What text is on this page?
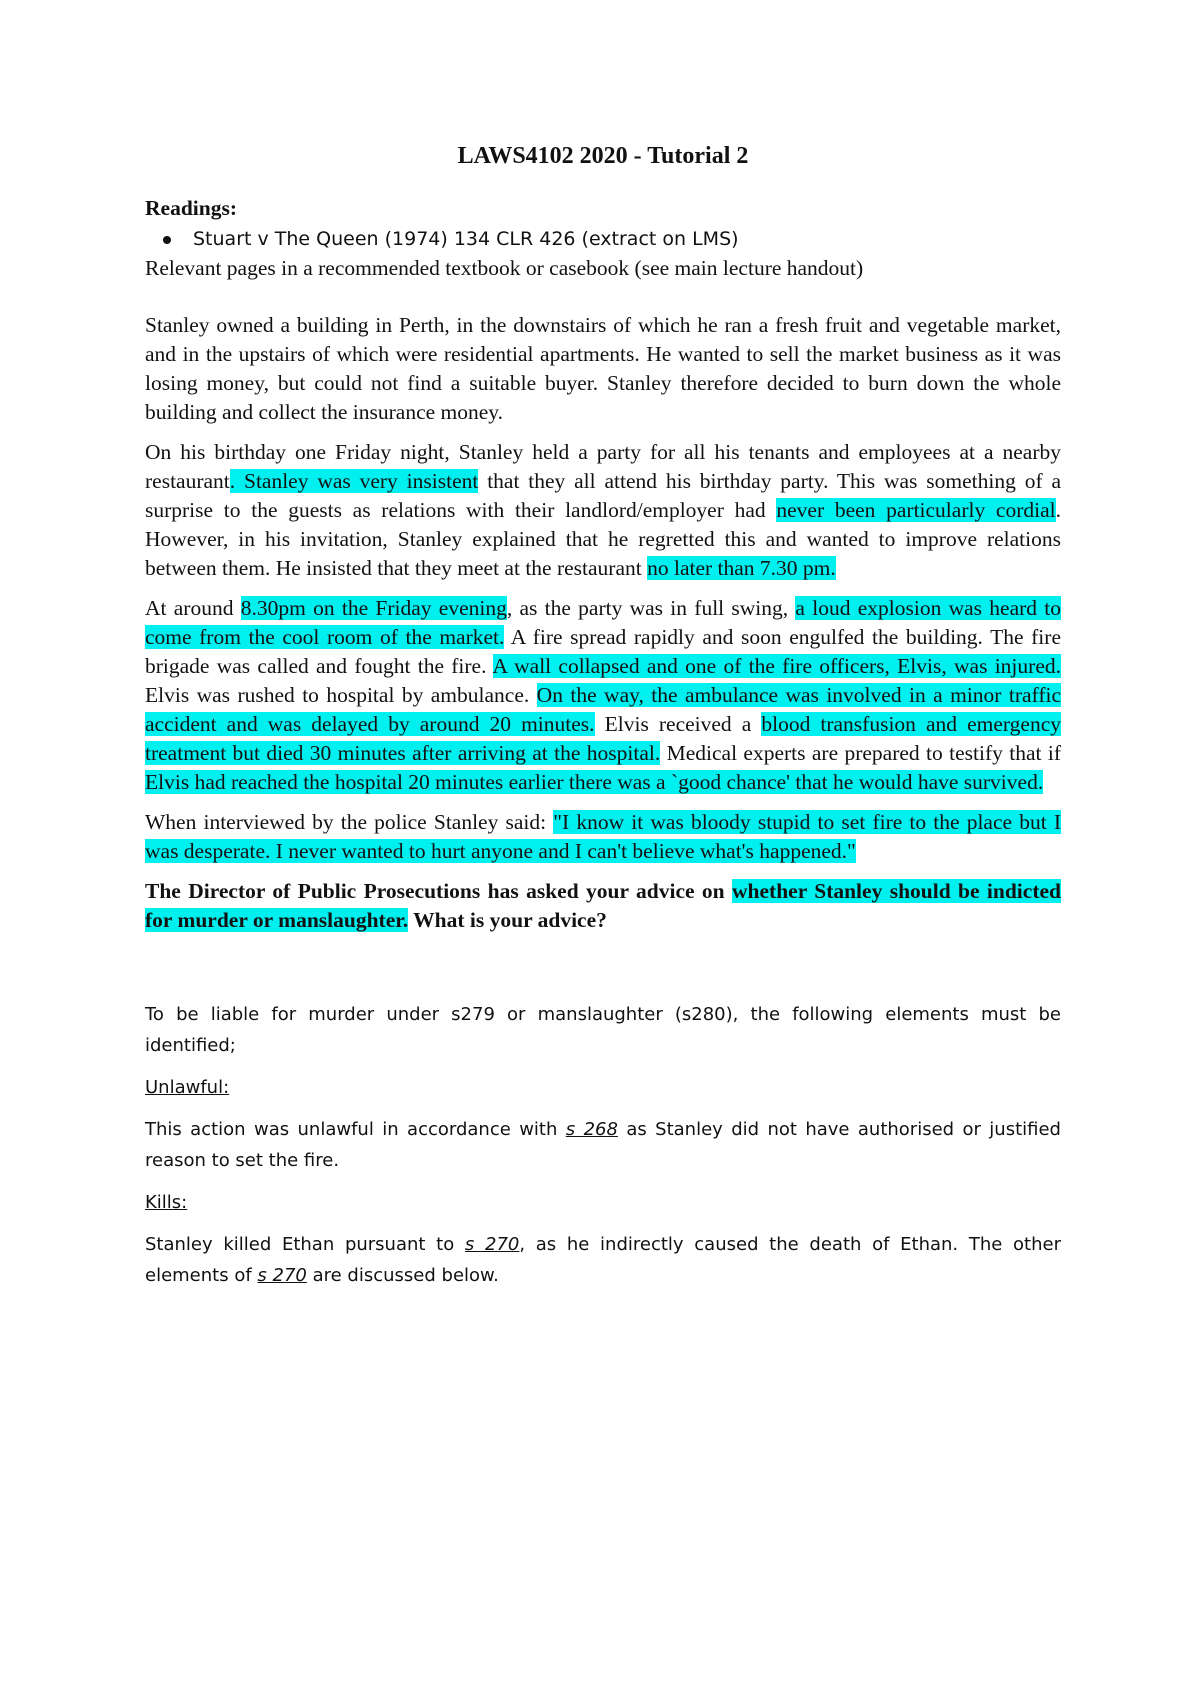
LAWS4102 2020 - Tutorial 2

Readings:

Stuart v The Queen (1974) 134 CLR 426 (extract on LMS)

Relevant pages in a recommended textbook or casebook (see main lecture handout)

Stanley owned a building in Perth, in the downstairs of which he ran a fresh fruit and vegetable market, and in the upstairs of which were residential apartments. He wanted to sell the market business as it was losing money, but could not find a suitable buyer. Stanley therefore decided to burn down the whole building and collect the insurance money.

On his birthday one Friday night, Stanley held a party for all his tenants and employees at a nearby restaurant. Stanley was very insistent that they all attend his birthday party. This was something of a surprise to the guests as relations with their landlord/employer had never been particularly cordial. However, in his invitation, Stanley explained that he regretted this and wanted to improve relations between them. He insisted that they meet at the restaurant no later than 7.30 pm.

At around 8.30pm on the Friday evening, as the party was in full swing, a loud explosion was heard to come from the cool room of the market. A fire spread rapidly and soon engulfed the building. The fire brigade was called and fought the fire. A wall collapsed and one of the fire officers, Elvis, was injured. Elvis was rushed to hospital by ambulance. On the way, the ambulance was involved in a minor traffic accident and was delayed by around 20 minutes. Elvis received a blood transfusion and emergency treatment but died 30 minutes after arriving at the hospital. Medical experts are prepared to testify that if Elvis had reached the hospital 20 minutes earlier there was a `good chance' that he would have survived.

When interviewed by the police Stanley said: "I know it was bloody stupid to set fire to the place but I was desperate. I never wanted to hurt anyone and I can't believe what's happened."

The Director of Public Prosecutions has asked your advice on whether Stanley should be indicted for murder or manslaughter. What is your advice?

To be liable for murder under s279 or manslaughter (s280), the following elements must be identified;

Unlawful:

This action was unlawful in accordance with s 268 as Stanley did not have authorised or justified reason to set the fire.

Kills:

Stanley killed Ethan pursuant to s 270, as he indirectly caused the death of Ethan. The other elements of s 270 are discussed below.
